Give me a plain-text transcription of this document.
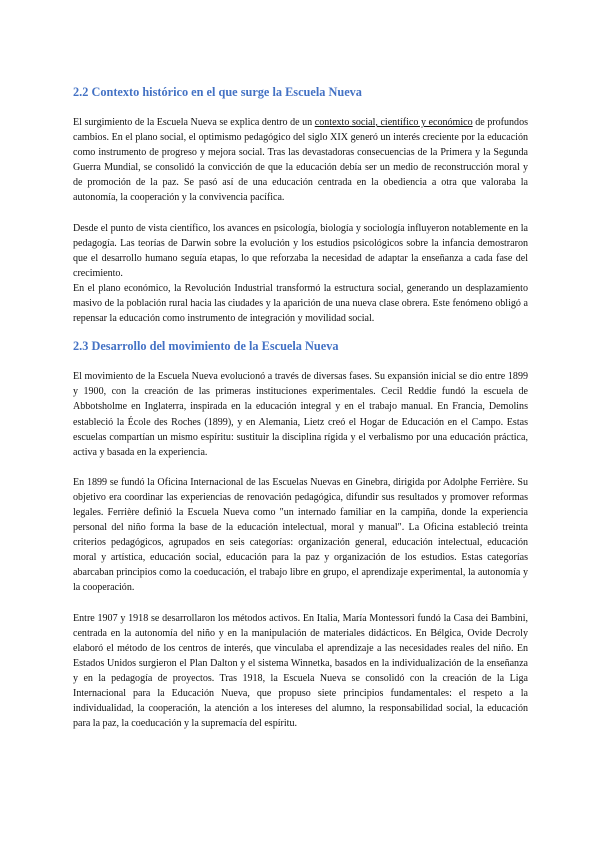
2.2 Contexto histórico en el que surge la Escuela Nueva

El surgimiento de la Escuela Nueva se explica dentro de un contexto social, científico y económico de profundos cambios. En el plano social, el optimismo pedagógico del siglo XIX generó un interés creciente por la educación como instrumento de progreso y mejora social. Tras las devastadoras consecuencias de la Primera y la Segunda Guerra Mundial, se consolidó la convicción de que la educación debía ser un medio de reconstrucción moral y de promoción de la paz. Se pasó así de una educación centrada en la obediencia a otra que valoraba la autonomía, la cooperación y la convivencia pacífica.

Desde el punto de vista científico, los avances en psicología, biología y sociología influyeron notablemente en la pedagogía. Las teorías de Darwin sobre la evolución y los estudios psicológicos sobre la infancia demostraron que el desarrollo humano seguía etapas, lo que reforzaba la necesidad de adaptar la enseñanza a cada fase del crecimiento.

En el plano económico, la Revolución Industrial transformó la estructura social, generando un desplazamiento masivo de la población rural hacia las ciudades y la aparición de una nueva clase obrera. Este fenómeno obligó a repensar la educación como instrumento de integración y movilidad social.

2.3 Desarrollo del movimiento de la Escuela Nueva

El movimiento de la Escuela Nueva evolucionó a través de diversas fases. Su expansión inicial se dio entre 1899 y 1900, con la creación de las primeras instituciones experimentales. Cecil Reddie fundó la escuela de Abbotsholme en Inglaterra, inspirada en la educación integral y en el trabajo manual. En Francia, Demolins estableció la École des Roches (1899), y en Alemania, Lietz creó el Hogar de Educación en el Campo. Estas escuelas compartían un mismo espíritu: sustituir la disciplina rígida y el verbalismo por una educación práctica, activa y basada en la experiencia.

En 1899 se fundó la Oficina Internacional de las Escuelas Nuevas en Ginebra, dirigida por Adolphe Ferrière. Su objetivo era coordinar las experiencias de renovación pedagógica, difundir sus resultados y promover reformas legales. Ferrière definió la Escuela Nueva como "un internado familiar en la campiña, donde la experiencia personal del niño forma la base de la educación intelectual, moral y manual". La Oficina estableció treinta criterios pedagógicos, agrupados en seis categorías: organización general, educación intelectual, educación moral y artística, educación social, educación para la paz y organización de los estudios. Estas categorías abarcaban principios como la coeducación, el trabajo libre en grupo, el aprendizaje experimental, la autonomía y la cooperación.

Entre 1907 y 1918 se desarrollaron los métodos activos. En Italia, María Montessori fundó la Casa dei Bambini, centrada en la autonomía del niño y en la manipulación de materiales didácticos. En Bélgica, Ovide Decroly elaboró el método de los centros de interés, que vinculaba el aprendizaje a las necesidades reales del niño. En Estados Unidos surgieron el Plan Dalton y el sistema Winnetka, basados en la individualización de la enseñanza y en la pedagogía de proyectos. Tras 1918, la Escuela Nueva se consolidó con la creación de la Liga Internacional para la Educación Nueva, que propuso siete principios fundamentales: el respeto a la individualidad, la cooperación, la atención a los intereses del alumno, la responsabilidad social, la educación para la paz, la coeducación y la supremacía del espíritu.
